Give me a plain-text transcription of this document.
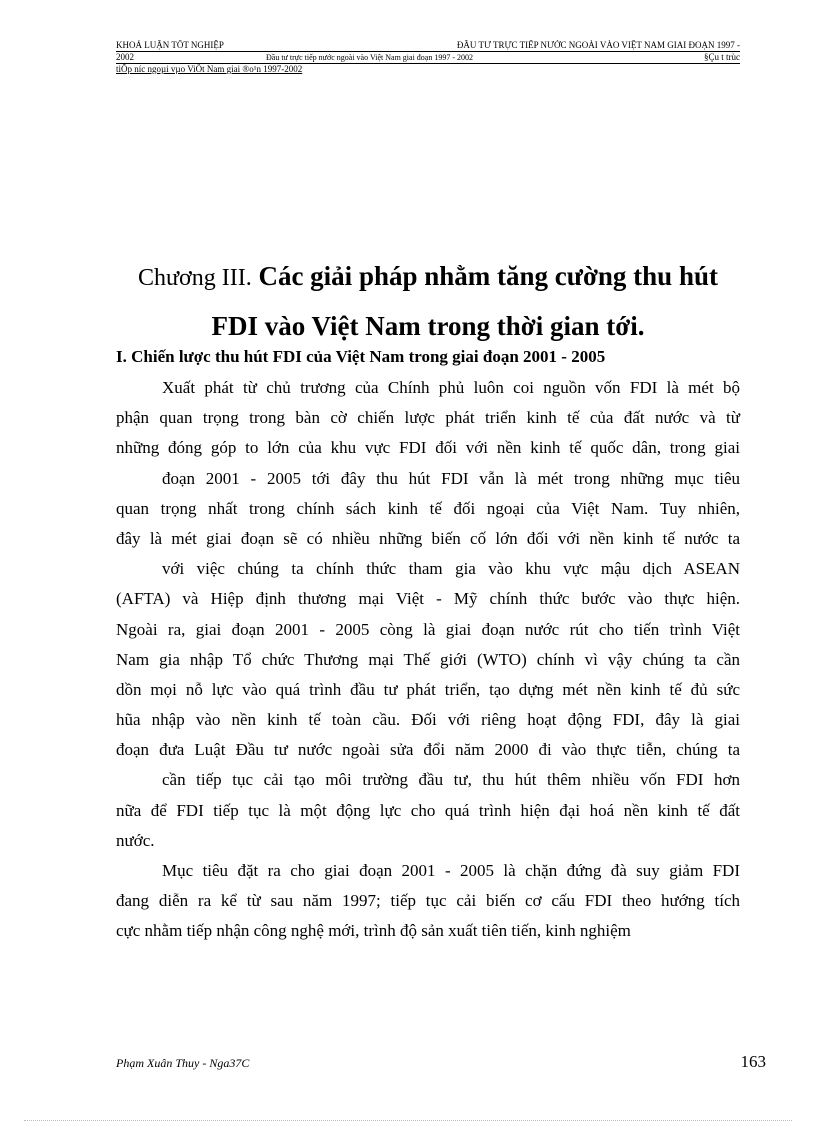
KHOÁ LUẬN TỐT NGHIỆP	ĐẦU TƯ TRỰC TIẾP NƯỚC NGOÀI VÀO VIỆT NAM GIAI ĐOẠN 1997 -
2002	Đầu tư trực tiếp nước ngoài vào Việt Nam giai đoạn 1997 - 2002	§Çu t trùc
tiÕp níc ngoµi vµo ViÖt Nam giai ®o¹n 1997-2002
Chương III. Các giải pháp nhằm tăng cường thu hút
FDI vào Việt Nam trong thời gian tới.
I. Chiến lược thu hút FDI của Việt Nam trong giai đoạn 2001 - 2005
Xuất phát từ chủ trương của Chính phủ luôn coi nguồn vốn FDI là mét bộ
phận quan trọng trong bàn cờ chiến lược phát triển kinh tế của đất nước và từ
những đóng góp to lớn của khu vực FDI đối với nền kinh tế quốc dân, trong giai
đoạn 2001 - 2005 tới đây thu hút FDI vẫn là mét trong những mục tiêu
quan trọng nhất trong chính sách kinh tế đối ngoại của Việt Nam. Tuy nhiên,
đây là mét giai đoạn sẽ có nhiều những biến cố lớn đối với nền kinh tế nước ta
với việc chúng ta chính thức tham gia vào khu vực mậu dịch ASEAN
(AFTA) và Hiệp định thương mại Việt - Mỹ chính thức bước vào thực hiện.
Ngoài ra, giai đoạn 2001 - 2005 còng là giai đoạn nước rút cho tiến trình Việt
Nam gia nhập Tổ chức Thương mại Thế giới (WTO) chính vì vậy chúng ta cần
dồn mọi nỗ lực vào quá trình đầu tư phát triển, tạo dựng mét nền kinh tế đủ sức
hũa nhập vào nền kinh tế toàn cầu. Đối với riêng hoạt động FDI, đây là giai
đoạn đưa Luật Đầu tư nước ngoài sửa đổi năm 2000 đi vào thực tiễn, chúng ta
cần tiếp tục cải tạo môi trường đầu tư, thu hút thêm nhiều vốn FDI hơn
nữa để FDI tiếp tục là một động lực cho quá trình hiện đại hoá nền kinh tế đất
nước.
Mục tiêu đặt ra cho giai đoạn 2001 - 2005 là chặn đứng đà suy giảm FDI
đang diễn ra kể từ sau năm 1997; tiếp tục cải biến cơ cấu FDI theo hướng tích
cực nhằm tiếp nhận công nghệ mới, trình độ sản xuất tiên tiến, kinh nghiệm
Phạm Xuân Thuy - Nga37C	163
